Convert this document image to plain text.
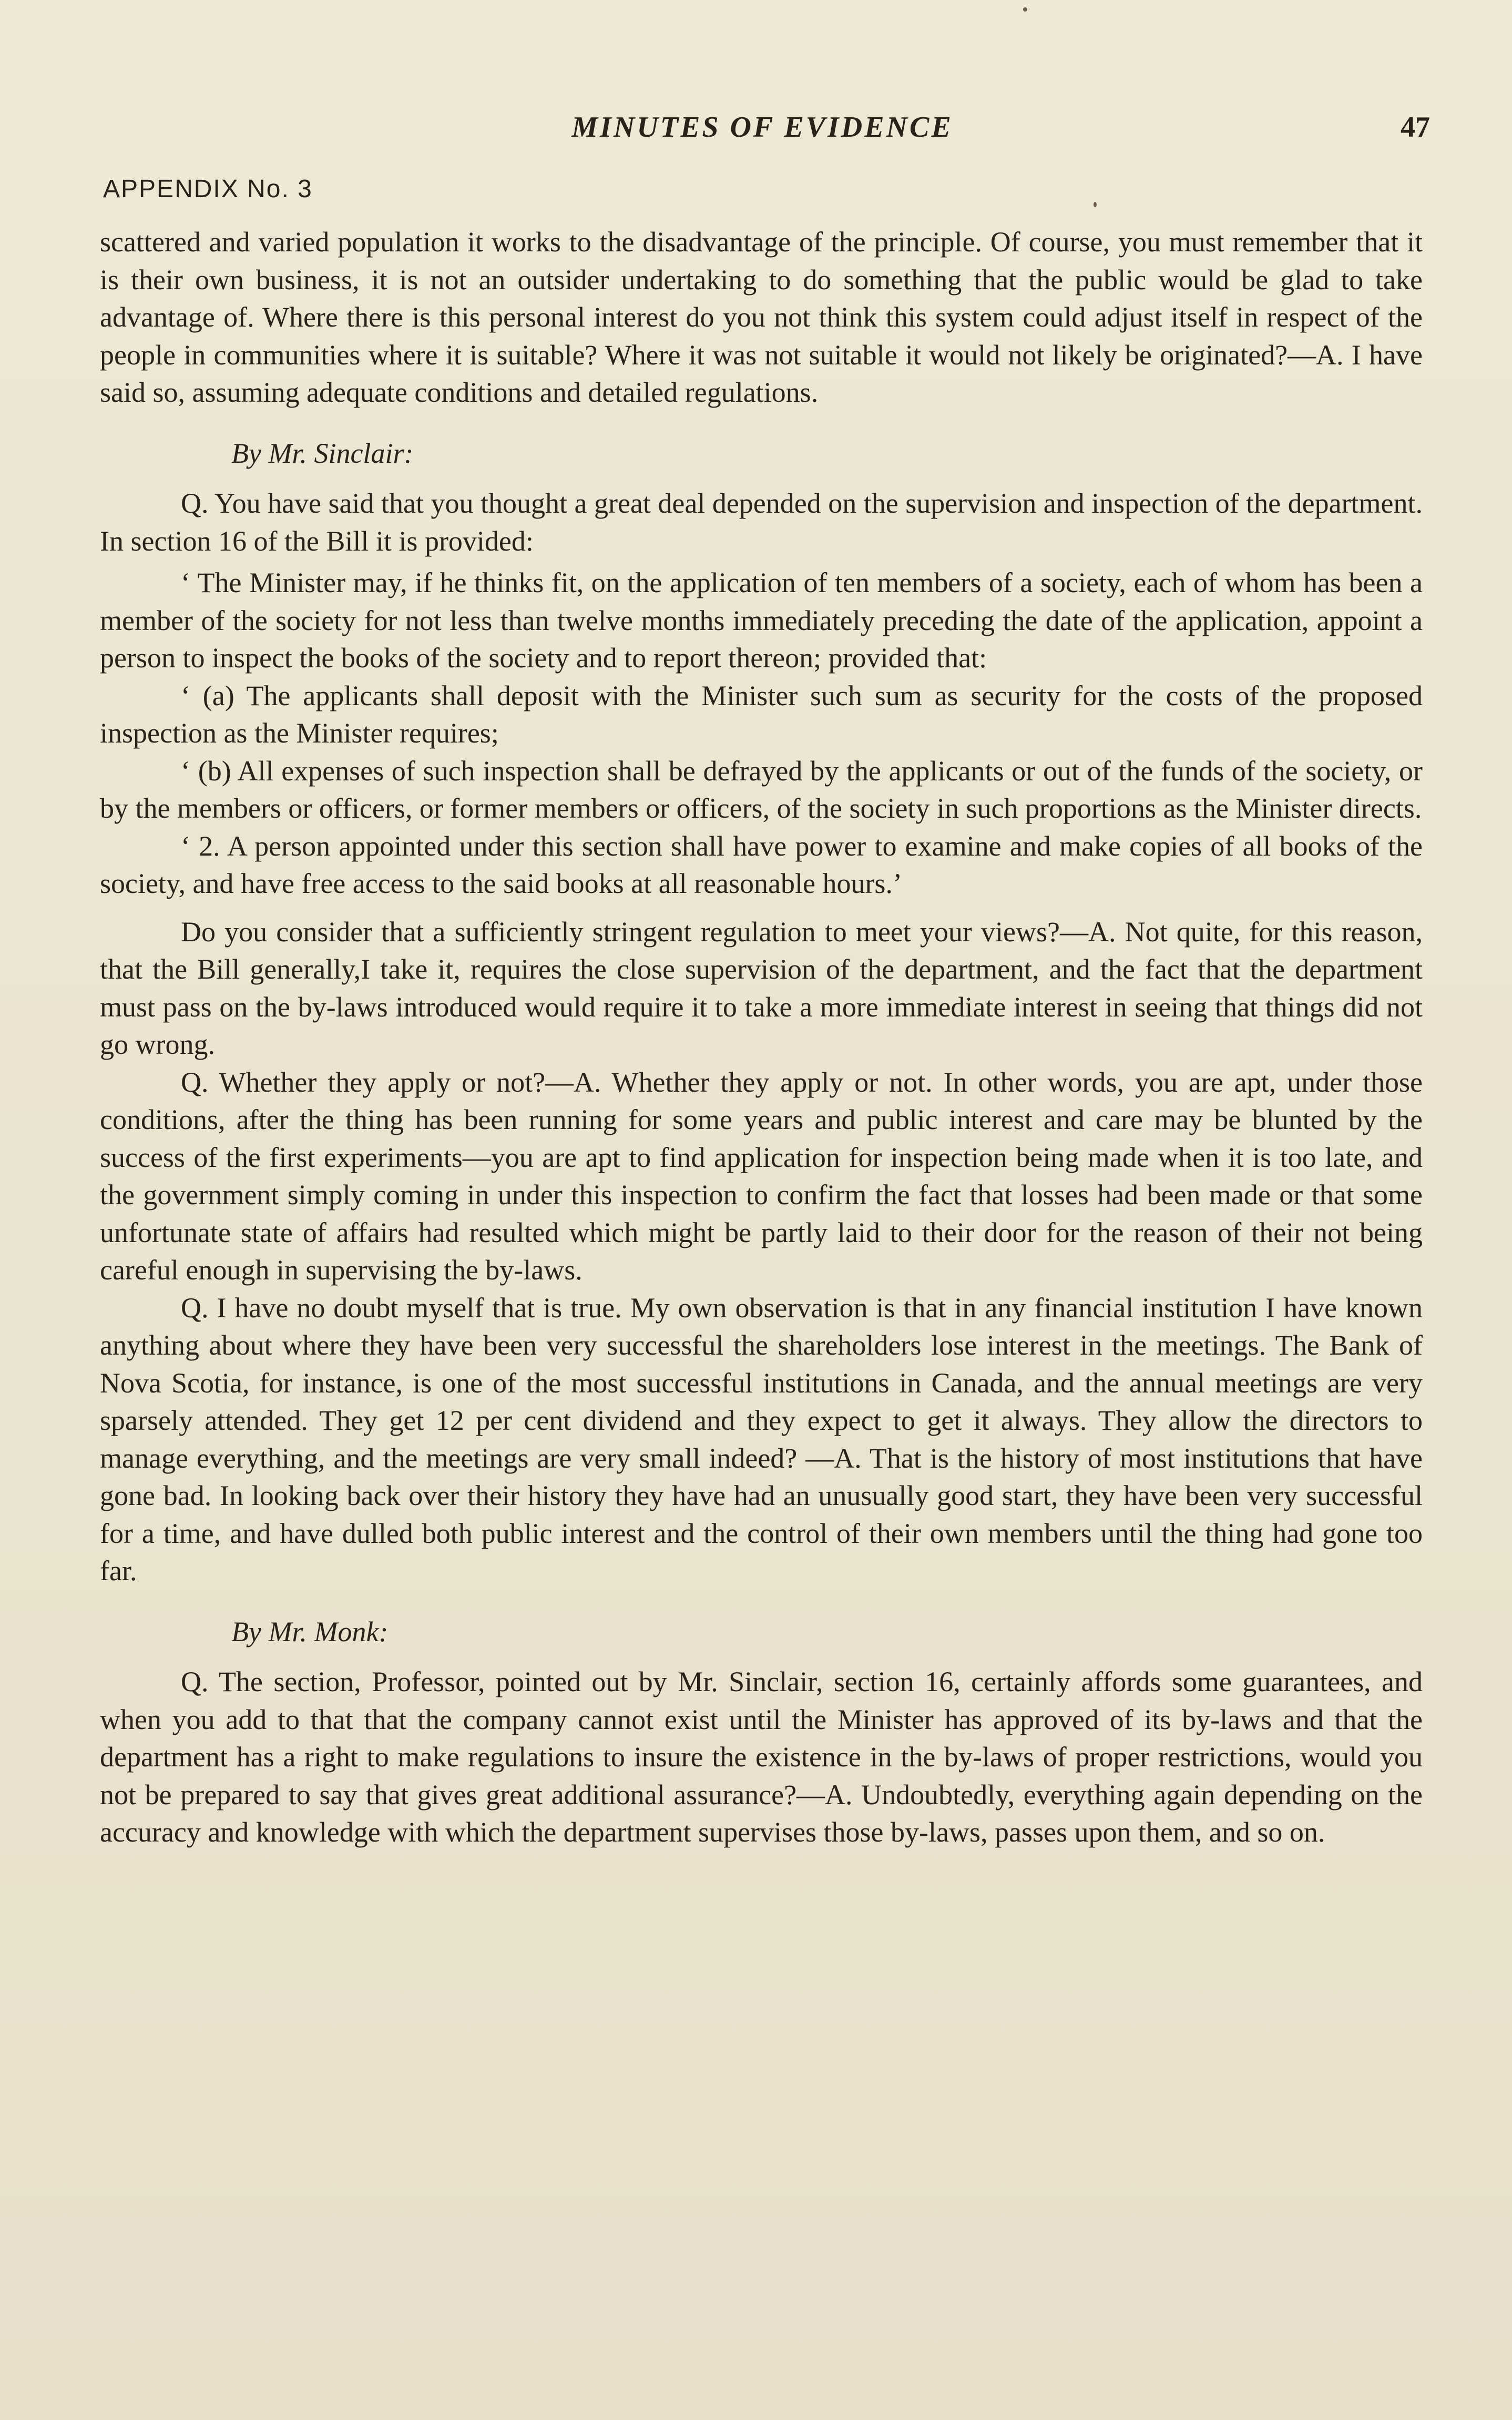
MINUTES OF EVIDENCE	47
APPENDIX No. 3

scattered and varied population it works to the disadvantage of the principle. Of course, you must remember that it is their own business, it is not an outsider undertaking to do something that the public would be glad to take advantage of. Where there is this personal interest do you not think this system could adjust itself in respect of the people in communities where it is suitable? Where it was not suitable it would not likely be originated?—A. I have said so, assuming adequate conditions and detailed regulations.

By Mr. Sinclair:

Q. You have said that you thought a great deal depended on the supervision and inspection of the department. In section 16 of the Bill it is provided:

‘ The Minister may, if he thinks fit, on the application of ten members of a society, each of whom has been a member of the society for not less than twelve months immediately preceding the date of the application, appoint a person to inspect the books of the society and to report thereon; provided that:

‘ (a) The applicants shall deposit with the Minister such sum as security for the costs of the proposed inspection as the Minister requires;

‘ (b) All expenses of such inspection shall be defrayed by the applicants or out of the funds of the society, or by the members or officers, or former members or officers, of the society in such proportions as the Minister directs.

‘ 2. A person appointed under this section shall have power to examine and make copies of all books of the society, and have free access to the said books at all reasonable hours.’

Do you consider that a sufficiently stringent regulation to meet your views?—A. Not quite, for this reason, that the Bill generally,I take it, requires the close supervision of the department, and the fact that the department must pass on the by-laws introduced would require it to take a more immediate interest in seeing that things did not go wrong.

Q. Whether they apply or not?—A. Whether they apply or not. In other words, you are apt, under those conditions, after the thing has been running for some years and public interest and care may be blunted by the success of the first experiments—you are apt to find application for inspection being made when it is too late, and the government simply coming in under this inspection to confirm the fact that losses had been made or that some unfortunate state of affairs had resulted which might be partly laid to their door for the reason of their not being careful enough in supervising the by-laws.

Q. I have no doubt myself that is true. My own observation is that in any financial institution I have known anything about where they have been very successful the shareholders lose interest in the meetings. The Bank of Nova Scotia, for instance, is one of the most successful institutions in Canada, and the annual meetings are very sparsely attended. They get 12 per cent dividend and they expect to get it always. They allow the directors to manage everything, and the meetings are very small indeed? —A. That is the history of most institutions that have gone bad. In looking back over their history they have had an unusually good start, they have been very successful for a time, and have dulled both public interest and the control of their own members until the thing had gone too far.

By Mr. Monk:

Q. The section, Professor, pointed out by Mr. Sinclair, section 16, certainly affords some guarantees, and when you add to that that the company cannot exist until the Minister has approved of its by-laws and that the department has a right to make regulations to insure the existence in the by-laws of proper restrictions, would you not be prepared to say that gives great additional assurance?—A. Undoubtedly, everything again depending on the accuracy and knowledge with which the department supervises those by-laws, passes upon them, and so on.
